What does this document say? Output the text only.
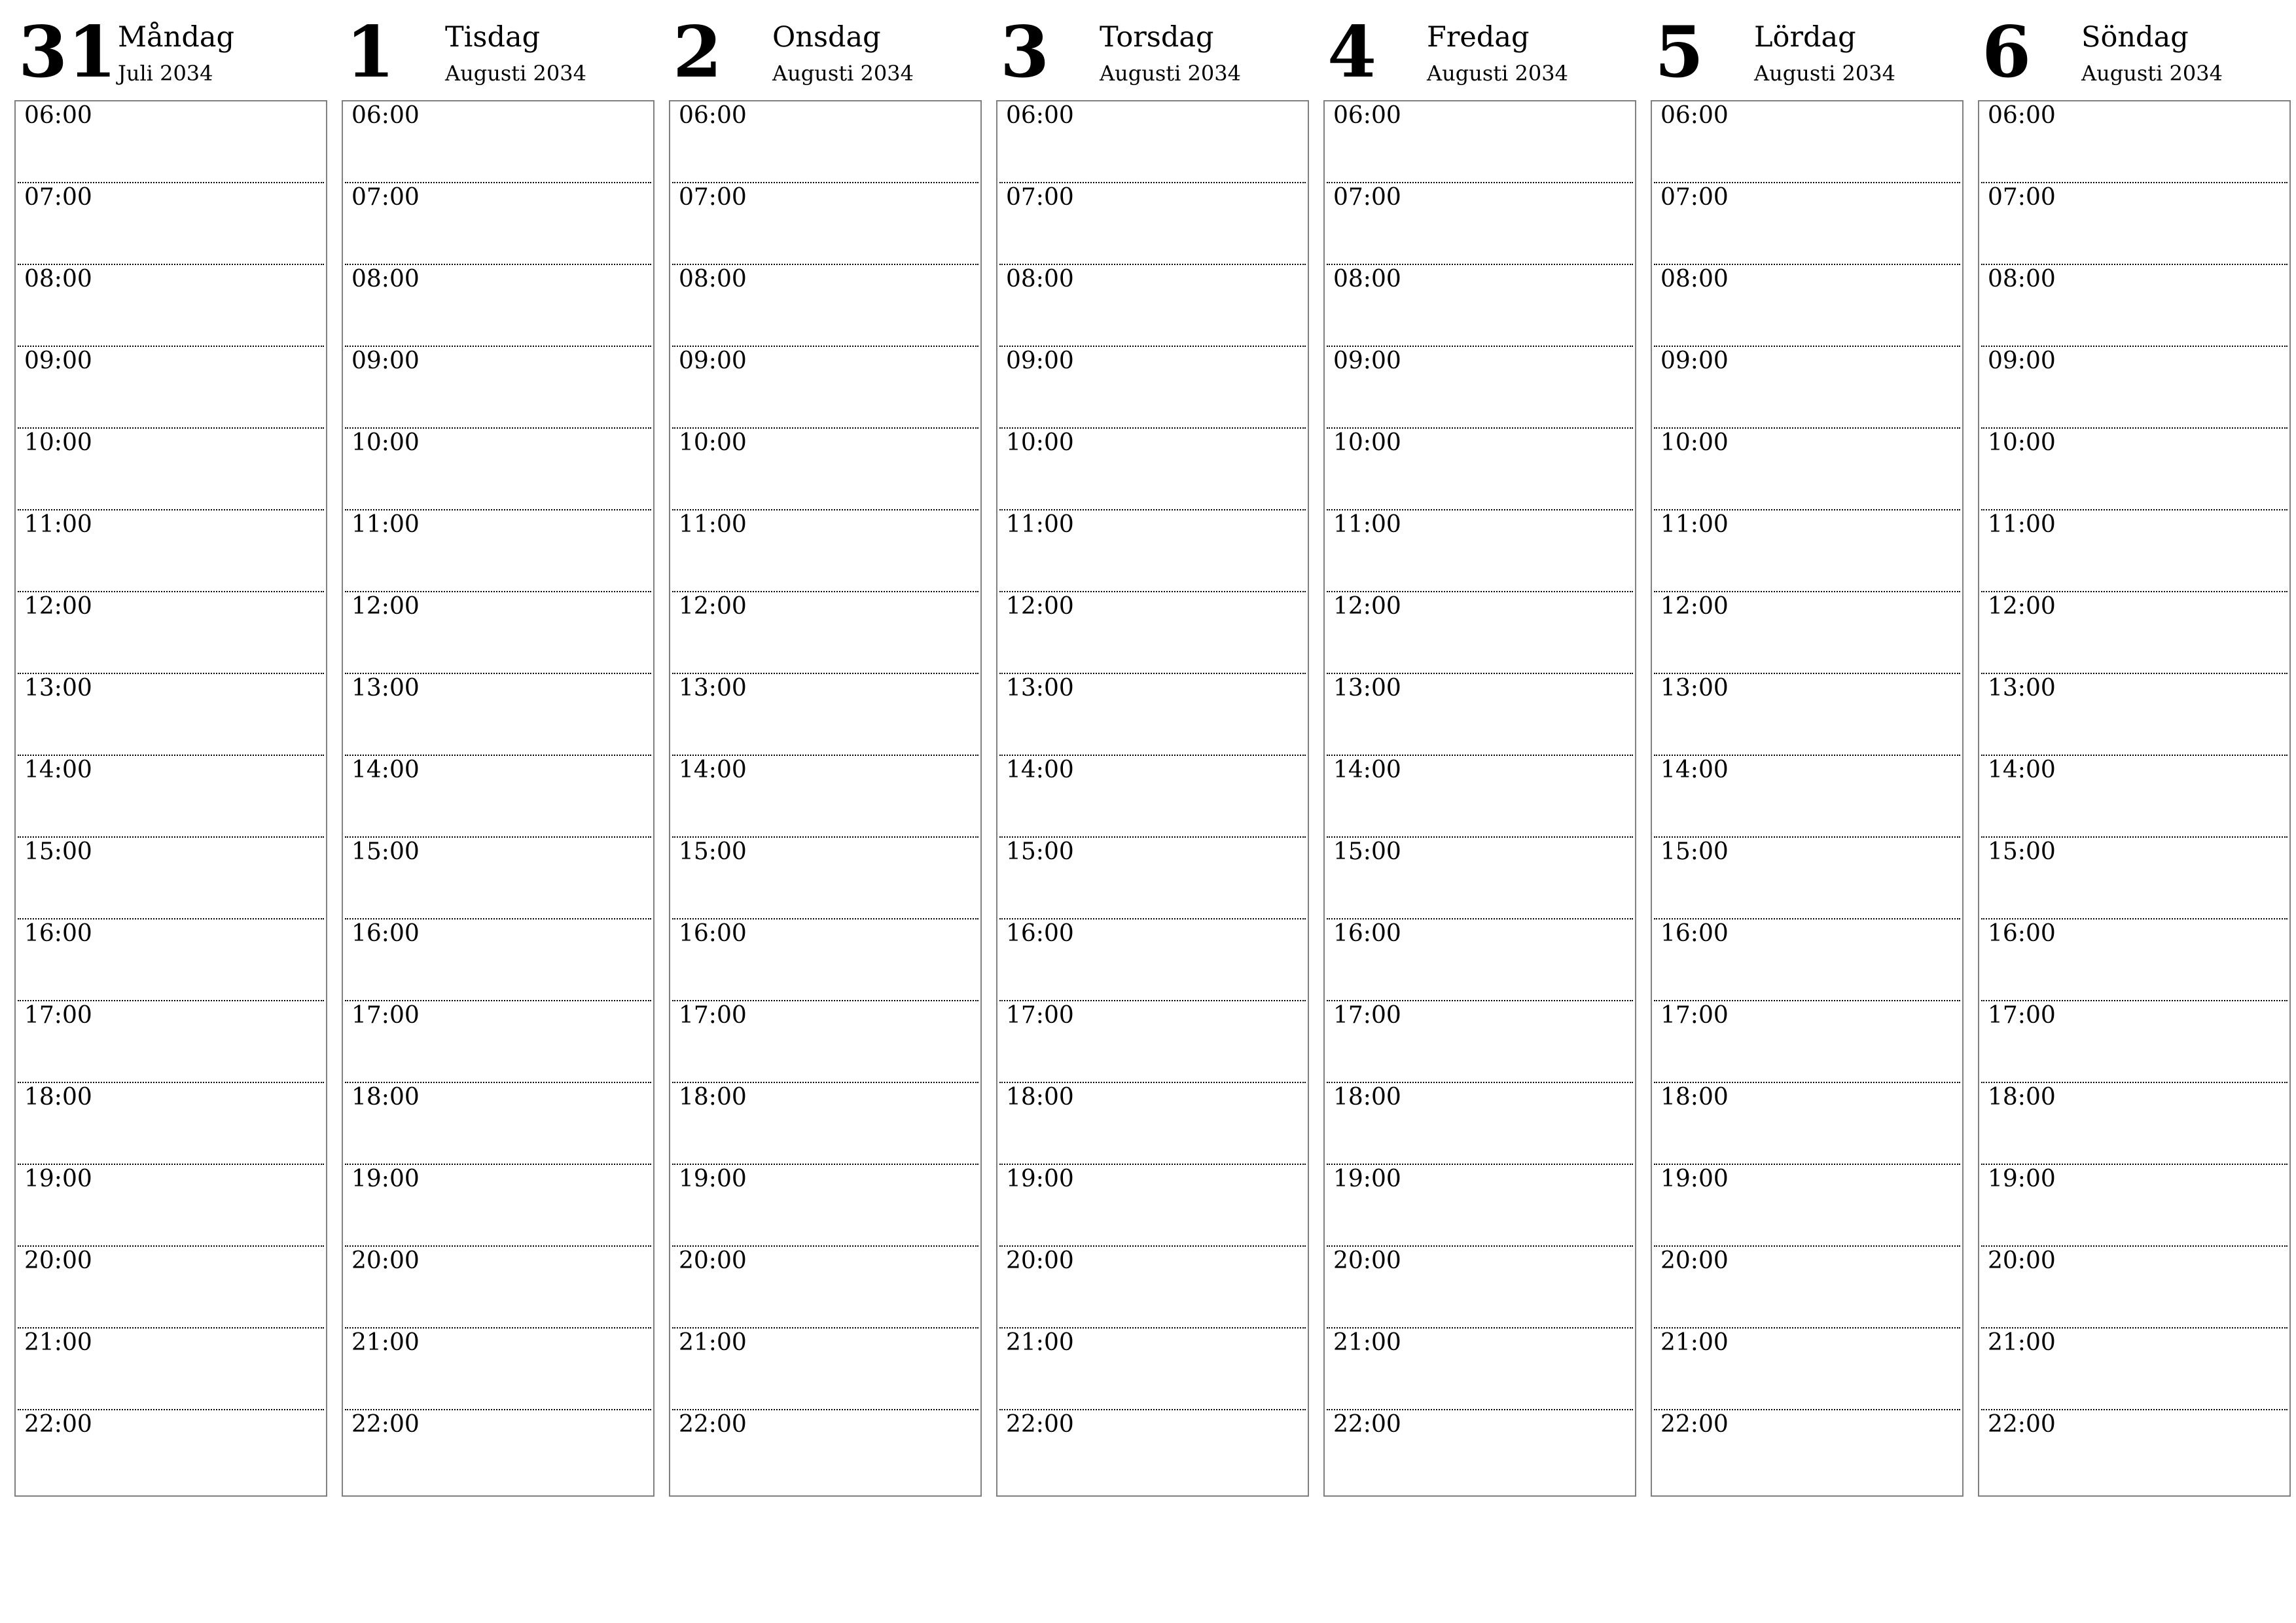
31 Måndag
Juli 2034
06:00
07:00
08:00
09:00
10:00
11:00
12:00
13:00
14:00
15:00
16:00
17:00
18:00
19:00
20:00
21:00
22:00
1 Tisdag
Augusti 2034
06:00
07:00
08:00
09:00
10:00
11:00
12:00
13:00
14:00
15:00
16:00
17:00
18:00
19:00
20:00
21:00
22:00
2 Onsdag
Augusti 2034
06:00
07:00
08:00
09:00
10:00
11:00
12:00
13:00
14:00
15:00
16:00
17:00
18:00
19:00
20:00
21:00
22:00
3 Torsdag
Augusti 2034
06:00
07:00
08:00
09:00
10:00
11:00
12:00
13:00
14:00
15:00
16:00
17:00
18:00
19:00
20:00
21:00
22:00
4 Fredag
Augusti 2034
06:00
07:00
08:00
09:00
10:00
11:00
12:00
13:00
14:00
15:00
16:00
17:00
18:00
19:00
20:00
21:00
22:00
5 Lördag
Augusti 2034
06:00
07:00
08:00
09:00
10:00
11:00
12:00
13:00
14:00
15:00
16:00
17:00
18:00
19:00
20:00
21:00
22:00
6 Söndag
Augusti 2034
06:00
07:00
08:00
09:00
10:00
11:00
12:00
13:00
14:00
15:00
16:00
17:00
18:00
19:00
20:00
21:00
22:00
